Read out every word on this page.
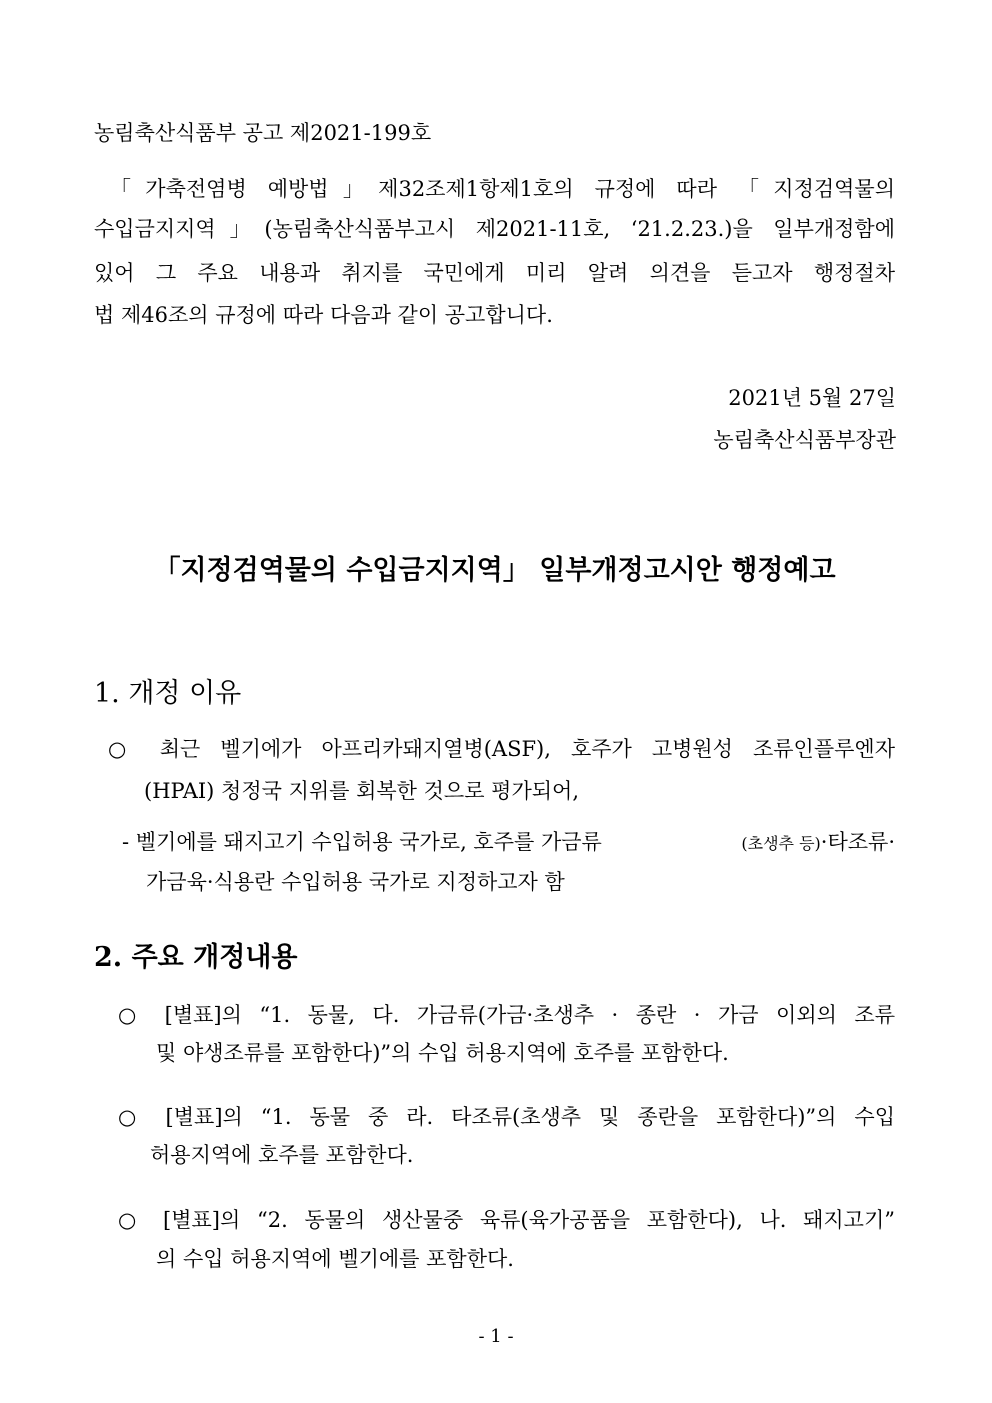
농림축산식품부 공고 제2021-199호
「가축전염병 예방법」제32조제1항제1호의 규정에 따라 「지정검역물의
수입금지지역」(농림축산식품부고시 제2021-11호, ‘21.2.23.)을 일부개정함에
있어 그 주요 내용과 취지를 국민에게 미리 알려 의견을 듣고자 행정절차
법 제46조의 규정에 따라 다음과 같이 공고합니다.
2021년 5월 27일
농림축산식품부장관
「지정검역물의 수입금지지역」 일부개정고시안 행정예고
1. 개정 이유
○ 최근 벨기에가 아프리카돼지열병(ASF), 호주가 고병원성 조류인플루엔자
(HPAI) 청정국 지위를 회복한 것으로 평가되어,
- 벨기에를 돼지고기 수입허용 국가로, 호주를 가금류	(초생추 등) ·타조류·
가금육·식용란 수입허용 국가로 지정하고자 함
2. 주요 개정내용
○ [별표]의 “1. 동물, 다. 가금류(가금·초생추 · 종란 · 가금 이외의 조류
및 야생조류를 포함한다)”의 수입 허용지역에 호주를 포함한다.
○ [별표]의 “1. 동물 중 라. 타조류(초생추 및 종란을 포함한다)”의 수입
허용지역에 호주를 포함한다.
○ [별표]의 “2. 동물의 생산물중 육류(육가공품을 포함한다), 나. 돼지고기”
의 수입 허용지역에 벨기에를 포함한다.
- 1 -
